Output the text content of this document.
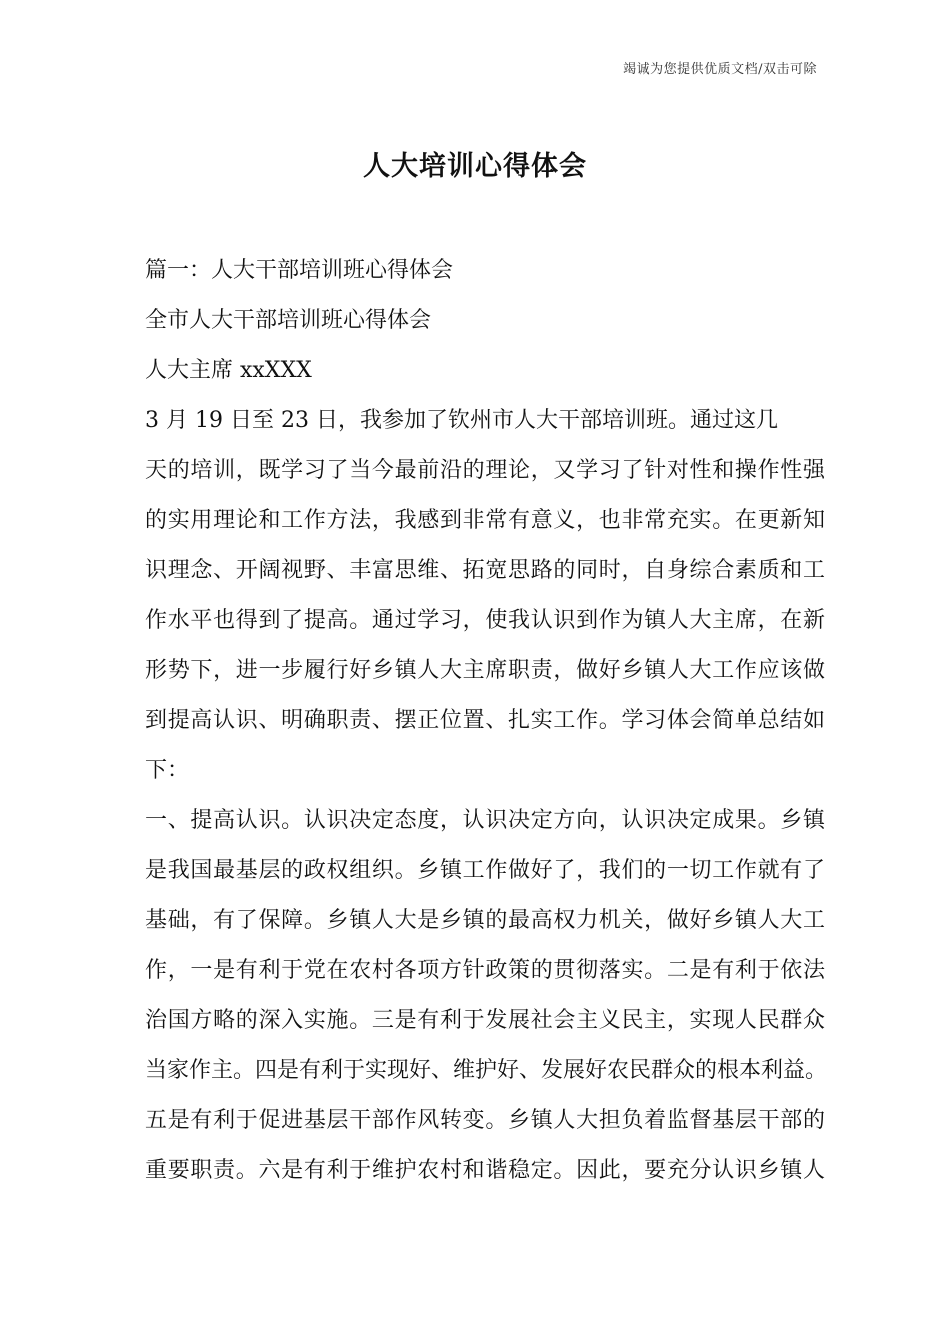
竭诚为您提供优质文档/双击可除
人大培训心得体会
篇一：人大干部培训班心得体会
全市人大干部培训班心得体会
人大主席 xxXXX
3 月 19 日至 23 日，我参加了钦州市人大干部培训班。通过这几
天的培训，既学习了当今最前沿的理论，又学习了针对性和操作性强
的实用理论和工作方法，我感到非常有意义，也非常充实。在更新知
识理念、开阔视野、丰富思维、拓宽思路的同时，自身综合素质和工
作水平也得到了提高。通过学习，使我认识到作为镇人大主席，在新
形势下，进一步履行好乡镇人大主席职责，做好乡镇人大工作应该做
到提高认识、明确职责、摆正位置、扎实工作。学习体会简单总结如
下：
一、提高认识。认识决定态度，认识决定方向，认识决定成果。乡镇
是我国最基层的政权组织。乡镇工作做好了，我们的一切工作就有了
基础，有了保障。乡镇人大是乡镇的最高权力机关，做好乡镇人大工
作，一是有利于党在农村各项方针政策的贯彻落实。二是有利于依法
治国方略的深入实施。三是有利于发展社会主义民主，实现人民群众
当家作主。四是有利于实现好、维护好、发展好农民群众的根本利益。
五是有利于促进基层干部作风转变。乡镇人大担负着监督基层干部的
重要职责。六是有利于维护农村和谐稳定。因此，要充分认识乡镇人
